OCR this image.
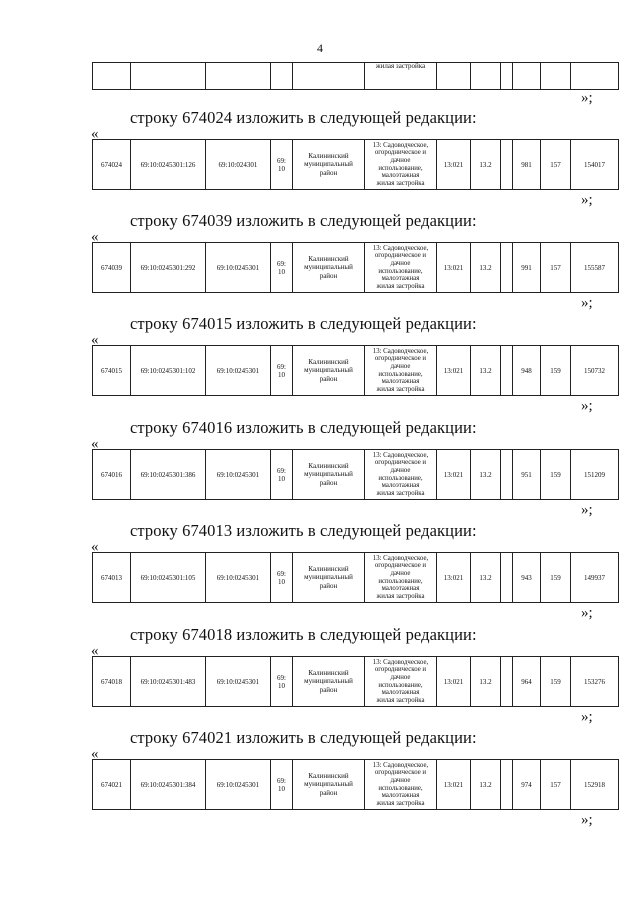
4

жилая застройка

»;
строку 674024 изложить в следующей редакции:
«
674024	69:10:0245301:126	69:10:024301	69:
10	Калининский
муниципальный
район	13: Садоводческое,
огородническое и
дачное
использование,
малоэтажная
жилая застройка	13:021	13.2		981	157	154017
»;
строку 674039 изложить в следующей редакции:
«
674039	69:10:0245301:292	69:10:0245301	69:
10	Калининский
муниципальный
район	13: Садоводческое,
огородническое и
дачное
использование,
малоэтажная
жилая застройка	13:021	13.2		991	157	155587
»;
строку 674015 изложить в следующей редакции:
«
674015	69:10:0245301:102	69:10:0245301	69:
10	Калининский
муниципальный
район	13: Садоводческое,
огородническое и
дачное
использование,
малоэтажная
жилая застройка	13:021	13.2		948	159	150732
»;
строку 674016 изложить в следующей редакции:
«
674016	69:10:0245301:386	69:10:0245301	69:
10	Калининский
муниципальный
район	13: Садоводческое,
огородническое и
дачное
использование,
малоэтажная
жилая застройка	13:021	13.2		951	159	151209
»;
строку 674013 изложить в следующей редакции:
«
674013	69:10:0245301:105	69:10:0245301	69:
10	Калининский
муниципальный
район	13: Садоводческое,
огородническое и
дачное
использование,
малоэтажная
жилая застройка	13:021	13.2		943	159	149937
»;
строку 674018 изложить в следующей редакции:
«
674018	69:10:0245301:483	69:10:0245301	69:
10	Калининский
муниципальный
район	13: Садоводческое,
огородническое и
дачное
использование,
малоэтажная
жилая застройка	13:021	13.2		964	159	153276
»;
строку 674021 изложить в следующей редакции:
«
674021	69:10:0245301:384	69:10:0245301	69:
10	Калининский
муниципальный
район	13: Садоводческое,
огородническое и
дачное
использование,
малоэтажная
жилая застройка	13:021	13.2		974	157	152918
»;
